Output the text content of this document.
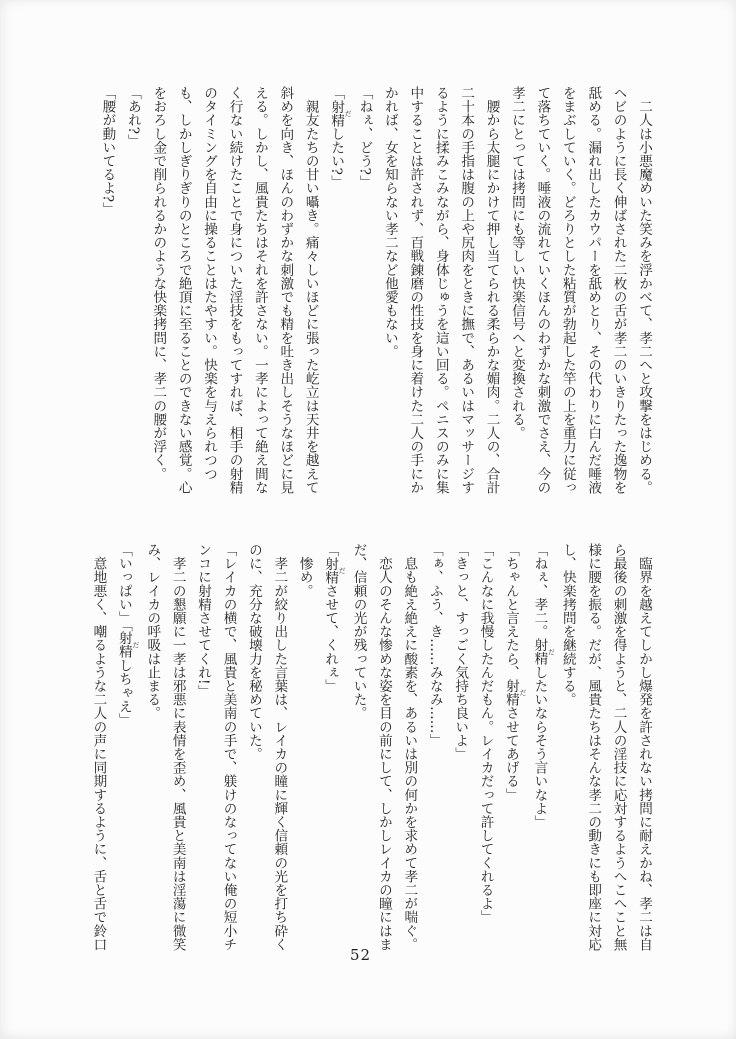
　二人は小悪魔めいた笑みを浮かべて、孝二へと攻撃をはじめる。ヘビのように長く伸ばされた二枚の舌が孝二のいきりたった逸物を舐める。漏れ出したカウパーを舐めとり、その代わりに白んだ唾液をまぶしていく。どろりとした粘質が勃起した竿の上を重力に従って落ちていく。唾液の流れていくほんのわずかな刺激でさえ、今の孝二にとっては拷問にも等しい快楽信号へと変換される。

　腰から太腿にかけて押し当てられる柔らかな媚肉。二人の、合計二十本の手指は腹の上や尻肉をときに撫で、あるいはマッサージするように揉みこみながら、身体じゅうを這い回る。ペニスのみに集中することは許されず、百戦錬磨の性技を身に着けた二人の手にかかれば、女を知らない孝二など他愛もない。

「ねぇ、どう?」

「射精 だしたい?」

　親友たちの甘い囁き。痛々しいほどに張った屹立は天井を越えて斜めを向き、ほんのわずかな刺激でも精を吐き出しそうなほどに見える。しかし、風貴たちはそれを許さない。一孝によって絶え間なく行ない続けたことで身についた淫技をもってすれば、相手の射精のタイミングを自由に操ることはたやすい。快楽を与えられつつも、しかしぎりぎりのところで絶頂に至ることのできない感覚。心をおろし金で削られるかのような快楽拷問に、孝二の腰が浮く。

「あれ?」

「腰が動いてるよ?」

　臨界を越えてしかし爆発を許されない拷問に耐えかね、孝二は自ら最後の刺激を得ようと、二人の淫技に応対するようへこへこと無様に腰を振る。だが、風貴たちはそんな孝二の動きにも即座に対応し、快楽拷問を継続する。

「ねぇ、孝二。射精 だしたいならそう言いなよ」

「ちゃんと言えたら、射精 ださせてあげる」

「こんなに我慢したんだもん。レイカだって許してくれるよ」

「きっと、すっごく気持ち良いよ」

「ぁ、ふう、き……みなみ……」

　息も絶え絶えに酸素を、あるいは別の何かを求めて孝二が喘ぐ。

　恋人のそんな惨めな姿を目の前にして、しかしレイカの瞳にはまだ、信頼の光が残っていた。

「射精 ださせて、くれぇ」

　惨め。

　孝二が絞り出した言葉は、レイカの瞳に輝く信頼の光を打ち砕くのに、充分な破壊力を秘めていた。

「レイカの横で、風貴と美南の手で、躾けのなってない俺の短小チンコに射精させてくれ!」

　孝二の懇願に一孝は邪悪に表情を歪め、風貴と美南は淫蕩に微笑み、レイカの呼吸は止まる。

「いっぱい」「射精 だしちゃえ」

　意地悪く、嘲るような二人の声に同期するように、舌と舌で鈴口

52
